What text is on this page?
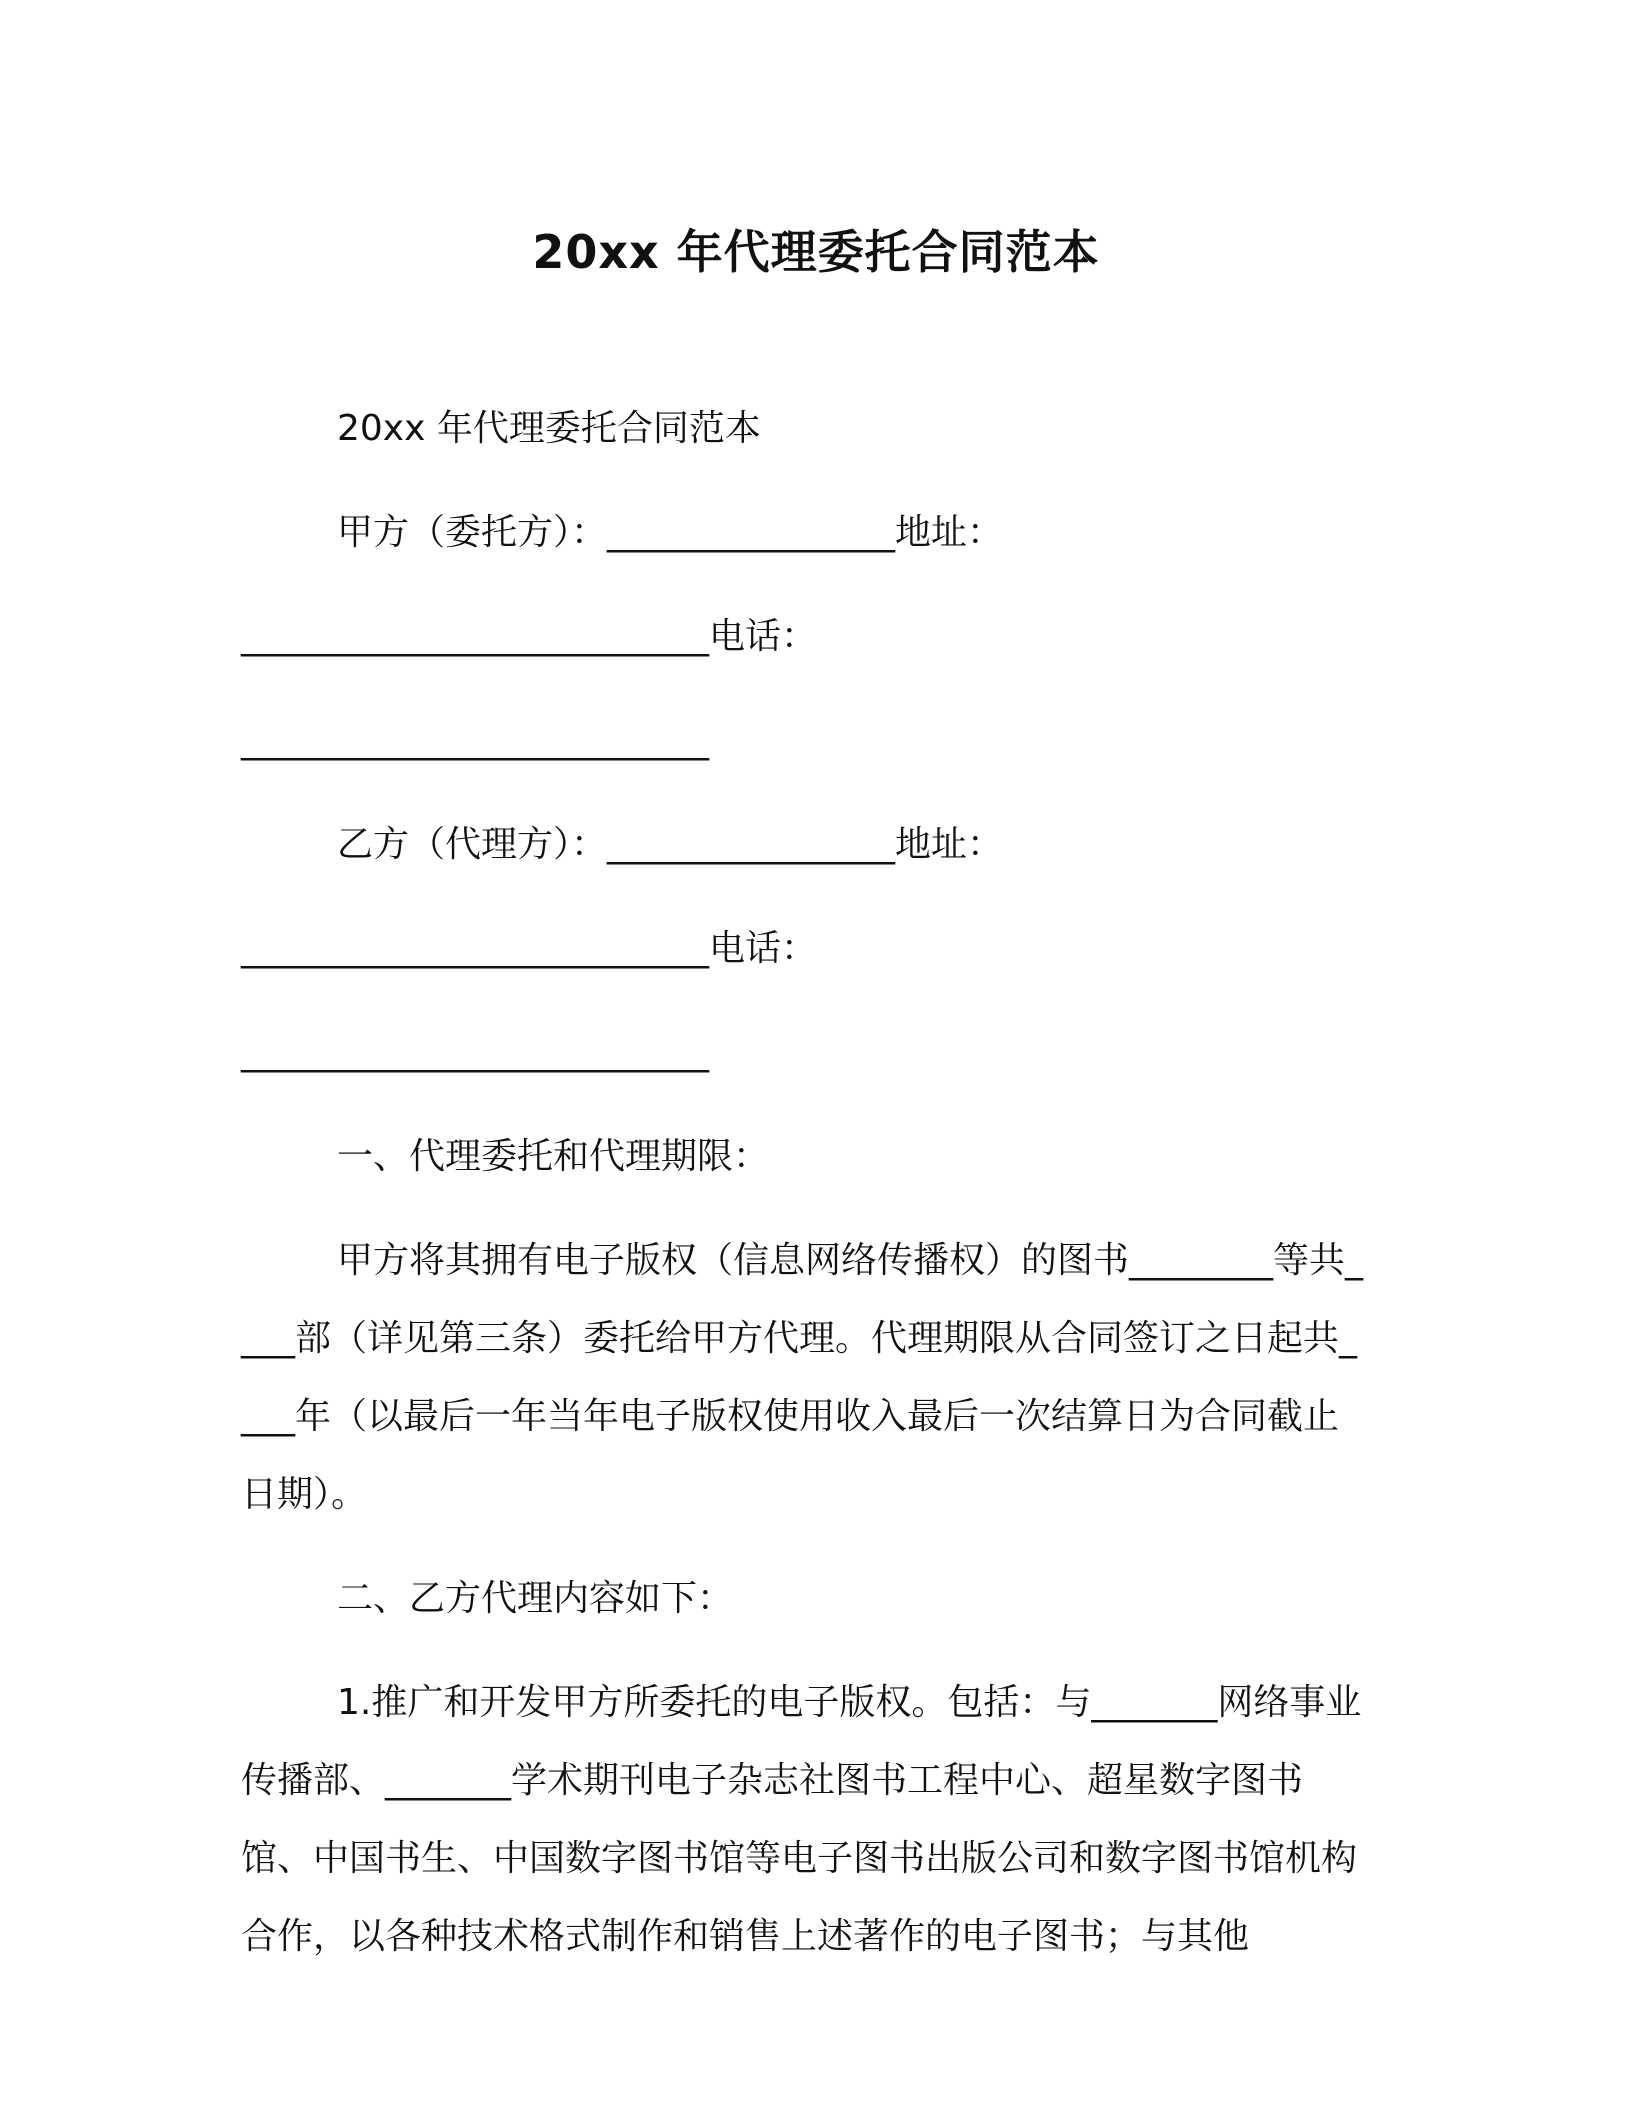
20xx 年代理委托合同范本

20xx 年代理委托合同范本

甲方（委托方）：________________地址：

__________________________电话：

__________________________

乙方（代理方）：________________地址：

__________________________电话：

__________________________

一、代理委托和代理期限：

甲方将其拥有电子版权（信息网络传播权）的图书________等共____部（详见第三条）委托给甲方代理。代理期限从合同签订之日起共____年（以最后一年当年电子版权使用收入最后一次结算日为合同截止日期）。

二、乙方代理内容如下：

1.推广和开发甲方所委托的电子版权。包括：与_______网络事业传播部、_______学术期刊电子杂志社图书工程中心、超星数字图书馆、中国书生、中国数字图书馆等电子图书出版公司和数字图书馆机构合作，以各种技术格式制作和销售上述著作的电子图书；与其他
